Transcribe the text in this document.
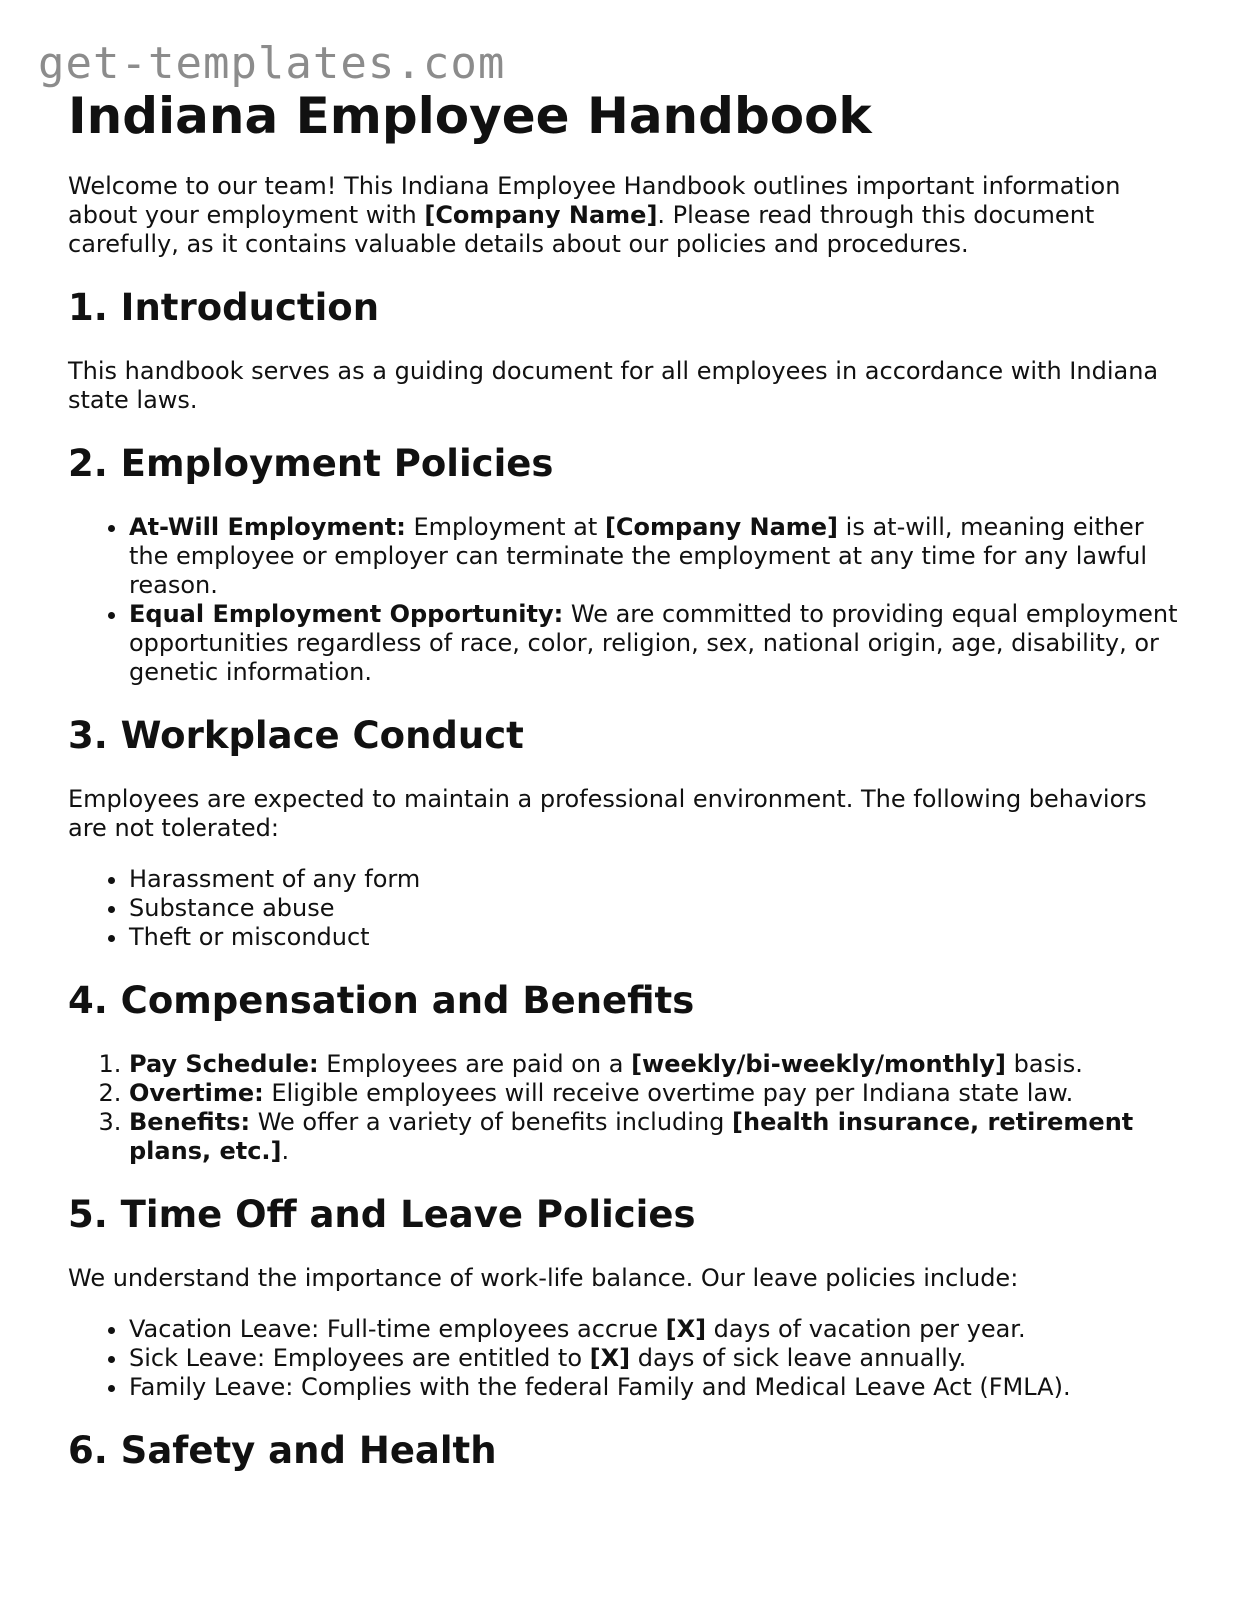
get-templates.com
Indiana Employee Handbook

Welcome to our team! This Indiana Employee Handbook outlines important information about your employment with [Company Name]. Please read through this document carefully, as it contains valuable details about our policies and procedures.

1. Introduction

This handbook serves as a guiding document for all employees in accordance with Indiana state laws.

2. Employment Policies
• At-Will Employment: Employment at [Company Name] is at-will, meaning either the employee or employer can terminate the employment at any time for any lawful reason.
• Equal Employment Opportunity: We are committed to providing equal employment opportunities regardless of race, color, religion, sex, national origin, age, disability, or genetic information.
3. Workplace Conduct

Employees are expected to maintain a professional environment. The following behaviors are not tolerated:

• Harassment of any form
• Substance abuse
• Theft or misconduct
4. Compensation and Benefits
1. Pay Schedule: Employees are paid on a [weekly/bi-weekly/monthly] basis.
2. Overtime: Eligible employees will receive overtime pay per Indiana state law.
3. Benefits: We offer a variety of benefits including [health insurance, retirement plans, etc.].
5. Time Off and Leave Policies

We understand the importance of work-life balance. Our leave policies include:

• Vacation Leave: Full-time employees accrue [X] days of vacation per year.
• Sick Leave: Employees are entitled to [X] days of sick leave annually.
• Family Leave: Complies with the federal Family and Medical Leave Act (FMLA).
6. Safety and Health
